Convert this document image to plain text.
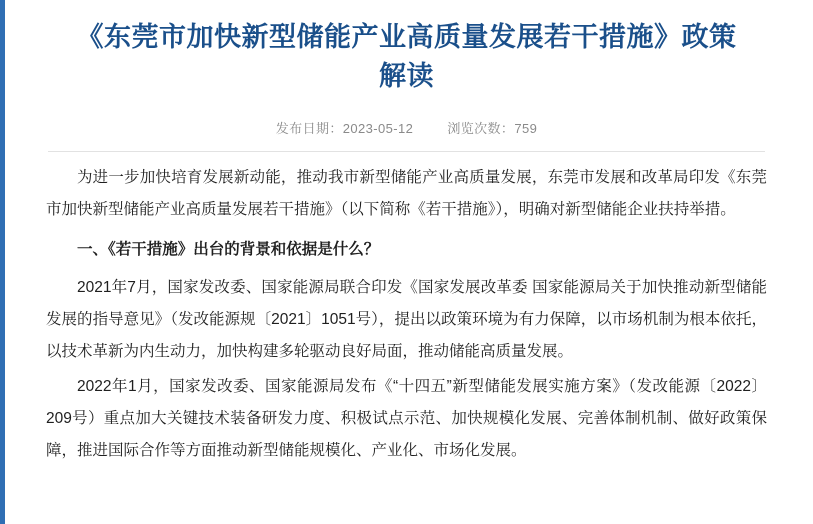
《东莞市加快新型储能产业高质量发展若干措施》政策解读
发布日期：2023-05-12	浏览次数：759

为进一步加快培育发展新动能，推动我市新型储能产业高质量发展，东莞市发展和改革局印发《东莞市加快新型储能产业高质量发展若干措施》（以下简称《若干措施》），明确对新型储能企业扶持举措。

一、《若干措施》出台的背景和依据是什么？

2021年7月，国家发改委、国家能源局联合印发《国家发展改革委 国家能源局关于加快推动新型储能发展的指导意见》（发改能源规〔2021〕1051号），提出以政策环境为有力保障，以市场机制为根本依托，以技术革新为内生动力，加快构建多轮驱动良好局面，推动储能高质量发展。

2022年1月，国家发改委、国家能源局发布《“十四五”新型储能发展实施方案》（发改能源〔2022〕209号）重点加大关键技术装备研发力度、积极试点示范、加快规模化发展、完善体制机制、做好政策保障，推进国际合作等方面推动新型储能规模化、产业化、市场化发展。
